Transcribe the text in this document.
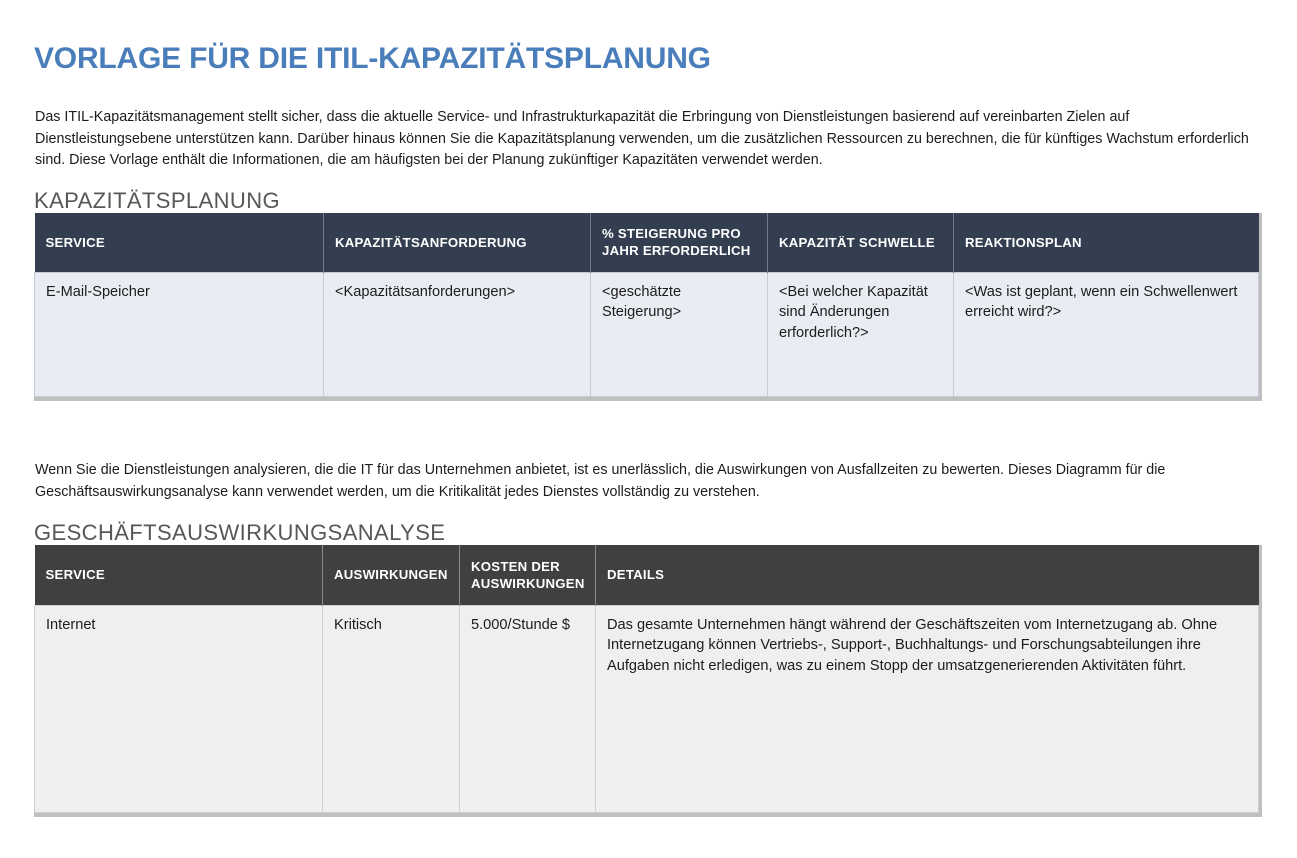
VORLAGE FÜR DIE ITIL-KAPAZITÄTSPLANUNG

Das ITIL-Kapazitätsmanagement stellt sicher, dass die aktuelle Service- und Infrastrukturkapazität die Erbringung von Dienstleistungen basierend auf vereinbarten Zielen auf Dienstleistungsebene unterstützen kann. Darüber hinaus können Sie die Kapazitätsplanung verwenden, um die zusätzlichen Ressourcen zu berechnen, die für künftiges Wachstum erforderlich sind. Diese Vorlage enthält die Informationen, die am häufigsten bei der Planung zukünftiger Kapazitäten verwendet werden.

KAPAZITÄTSPLANUNG
SERVICE	KAPAZITÄTSANFORDERUNG	% STEIGERUNG PRO JAHR ERFORDERLICH	KAPAZITÄT SCHWELLE	REAKTIONSPLAN

E-Mail-Speicher	<Kapazitätsanforderungen>	<geschätzte Steigerung>	<Bei welcher Kapazität sind Änderungen erforderlich?>	<Was ist geplant, wenn ein Schwellenwert erreicht wird?>

Wenn Sie die Dienstleistungen analysieren, die die IT für das Unternehmen anbietet, ist es unerlässlich, die Auswirkungen von Ausfallzeiten zu bewerten. Dieses Diagramm für die Geschäftsauswirkungsanalyse kann verwendet werden, um die Kritikalität jedes Dienstes vollständig zu verstehen.

GESCHÄFTSAUSWIRKUNGSANALYSE
SERVICE	AUSWIRKUNGEN	KOSTEN DER AUSWIRKUNGEN	DETAILS

Internet	Kritisch	5.000/Stunde $	Das gesamte Unternehmen hängt während der Geschäftszeiten vom Internetzugang ab. Ohne Internetzugang können Vertriebs-, Support-, Buchhaltungs- und Forschungsabteilungen ihre Aufgaben nicht erledigen, was zu einem Stopp der umsatzgenerierenden Aktivitäten führt.
